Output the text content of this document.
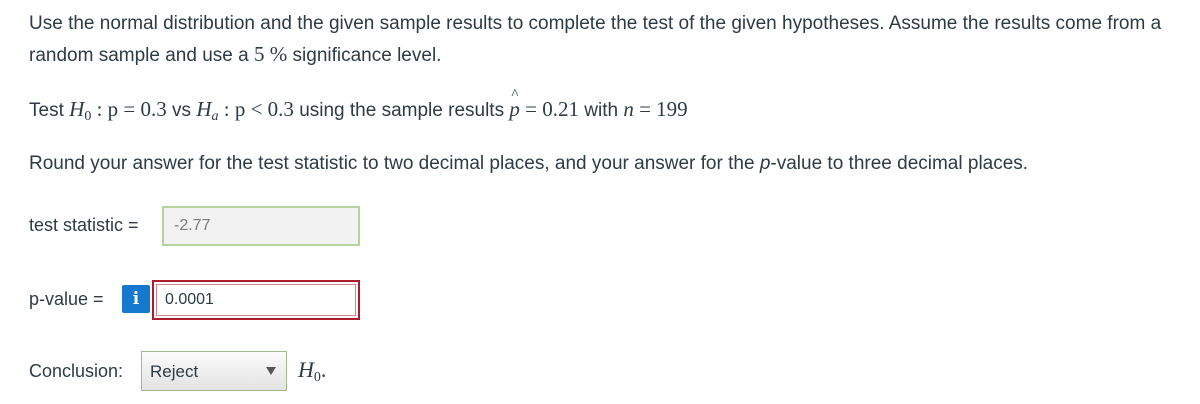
Use the normal distribution and the given sample results to complete the test of the given hypotheses. Assume the results come from a
random sample and use a 5 % significance level.
Test $H_0$ : p = 0.3 vs Ha : p < 0.3 using the sample results ^ p = 0.21 with n = 199
Round your answer for the test statistic to two decimal places, and your answer for the p-value to three decimal places.
test statistic =
-2.77
p-value =	i
0.0001
Conclusion: Reject	$H_0$.
